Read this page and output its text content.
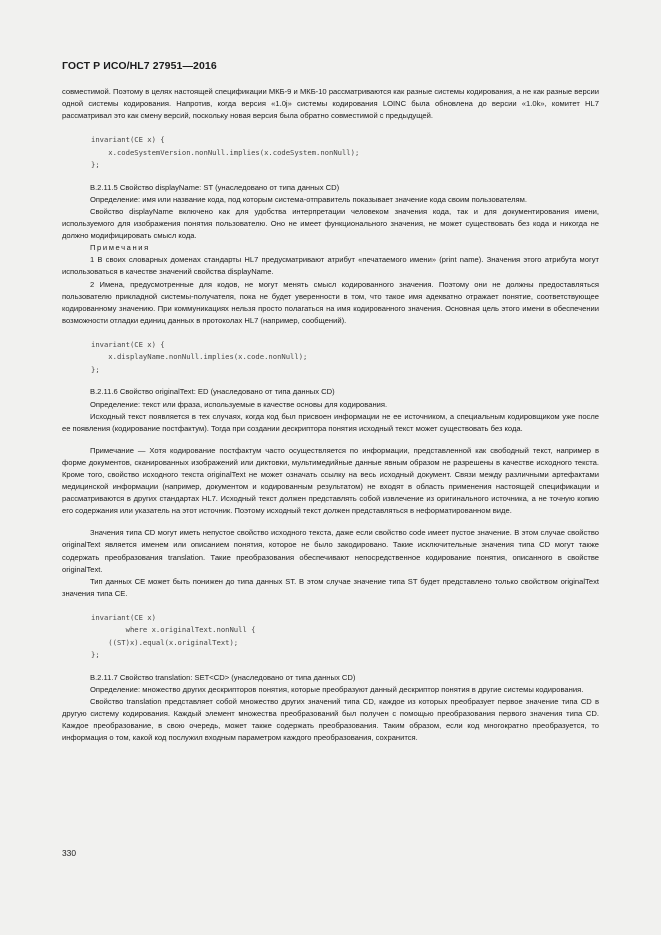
ГОСТ Р ИСО/HL7 27951—2016
совместимой. Поэтому в целях настоящей спецификации МКБ-9 и МКБ-10 рассматриваются как разные системы кодирования, а не как разные версии одной системы кодирования. Напротив, когда версия «1.0j» системы кодирования LOINC была обновлена до версии «1.0k», комитет HL7 рассматривал это как смену версий, поскольку новая версия была обратно совместимой с предыдущей.
invariant(CE x) {
x.codeSystemVersion.nonNull.implies(x.codeSystem.nonNull);
};
В.2.11.5 Свойство displayName: ST (унаследовано от типа данных CD)
Определение: имя или название кода, под которым система-отправитель показывает значение кода своим пользователям.
Свойство displayName включено как для удобства интерпретации человеком значения кода, так и для документирования имени, используемого для изображения понятия пользователю. Оно не имеет функционального значения, не может существовать без кода и никогда не должно модифицировать смысл кода.
Примечания
1 В своих словарных доменах стандарты HL7 предусматривают атрибут «печатаемого имени» (print name). Значения этого атрибута могут использоваться в качестве значений свойства displayName.
2 Имена, предусмотренные для кодов, не могут менять смысл кодированного значения. Поэтому они не должны предоставляться пользователю прикладной системы-получателя, пока не будет уверенности в том, что такое имя адекватно отражает понятие, соответствующее кодированному значению. При коммуникациях нельзя просто полагаться на имя кодированного значения. Основная цель этого имени в обеспечении возможности отладки единиц данных в протоколах HL7 (например, сообщений).
invariant(CE x) {
x.displayName.nonNull.implies(x.code.nonNull);
};
В.2.11.6 Свойство originalText: ED (унаследовано от типа данных CD)
Определение: текст или фраза, используемые в качестве основы для кодирования.
Исходный текст появляется в тех случаях, когда код был присвоен информации не ее источником, а специальным кодировщиком уже после ее появления (кодирование постфактум). Тогда при создании дескриптора понятия исходный текст может существовать без кода.
Примечание — Хотя кодирование постфактум часто осуществляется по информации, представленной как свободный текст, например в форме документов, сканированных изображений или диктовки, мультимедийные данные явным образом не разрешены в качестве исходного текста. Кроме того, свойство исходного текста originalText не может означать ссылку на весь исходный документ. Связи между различными артефактами медицинской информации (например, документом и кодированным результатом) не входят в область применения настоящей спецификации и рассматриваются в других стандартах HL7. Исходный текст должен представлять собой извлечение из оригинального источника, а не точную копию его содержания или указатель на этот источник. Поэтому исходный текст должен представляться в неформатированном виде.
Значения типа CD могут иметь непустое свойство исходного текста, даже если свойство code имеет пустое значение. В этом случае свойство originalText является именем или описанием понятия, которое не было закодировано. Такие исключительные значения типа CD могут также содержать преобразования translation. Такие преобразования обеспечивают непосредственное кодирование понятия, описанного в свойстве originalText.
Тип данных CE может быть понижен до типа данных ST. В этом случае значение типа ST будет представлено только свойством originalText значения типа CE.
invariant(CE x)
where x.originalText.nonNull {
((ST)x).equal(x.originalText);
};
В.2.11.7 Свойство translation: SET<CD> (унаследовано от типа данных CD)
Определение: множество других дескрипторов понятия, которые преобразуют данный дескриптор понятия в другие системы кодирования.
Свойство translation представляет собой множество других значений типа CD, каждое из которых преобразует первое значение типа CD в другую систему кодирования. Каждый элемент множества преобразований был получен с помощью преобразования первого значения типа CD. Каждое преобразование, в свою очередь, может также содержать преобразования. Таким образом, если код многократно преобразуется, то информация о том, какой код послужил входным параметром каждого преобразования, сохранится.
330
